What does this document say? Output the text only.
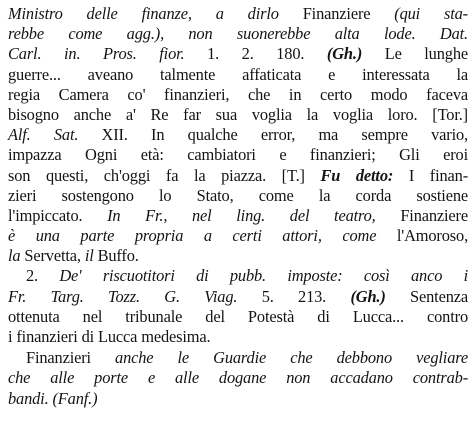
Ministro delle finanze, a dirlo Finanziere (qui sta-
rebbe come agg.), non suonerebbe alta lode. Dat.
Carl. in. Pros. fior. 1. 2. 180. (Gh.) Le lunghe
guerre... aveano talmente affaticata e interessata la
regia Camera co' finanzieri, che in certo modo faceva
bisogno anche a' Re far sua voglia la voglia loro. [Tor.]
Alf. Sat. XII. In qualche error, ma sempre vario,
impazza Ogni età: cambiatori e finanzieri; Gli eroi
son questi, ch'oggi fa la piazza. [T.] Fu detto: I finan-
zieri sostengono lo Stato, come la corda sostiene
l'impiccato. In Fr., nel ling. del teatro, Finanziere
è una parte propria a certi attori, come l'Amoroso,
la Servetta, il Buffo.
2. De' riscuotitori di pubb. imposte: così anco i
Fr. Targ. Tozz. G. Viag. 5. 213. (Gh.) Sentenza
ottenuta nel tribunale del Potestà di Lucca... contro
i finanzieri di Lucca medesima.
Finanzieri anche le Guardie che debbono vegliare
che alle porte e alle dogane non accadano contrab-
bandi. (Fanf.)
